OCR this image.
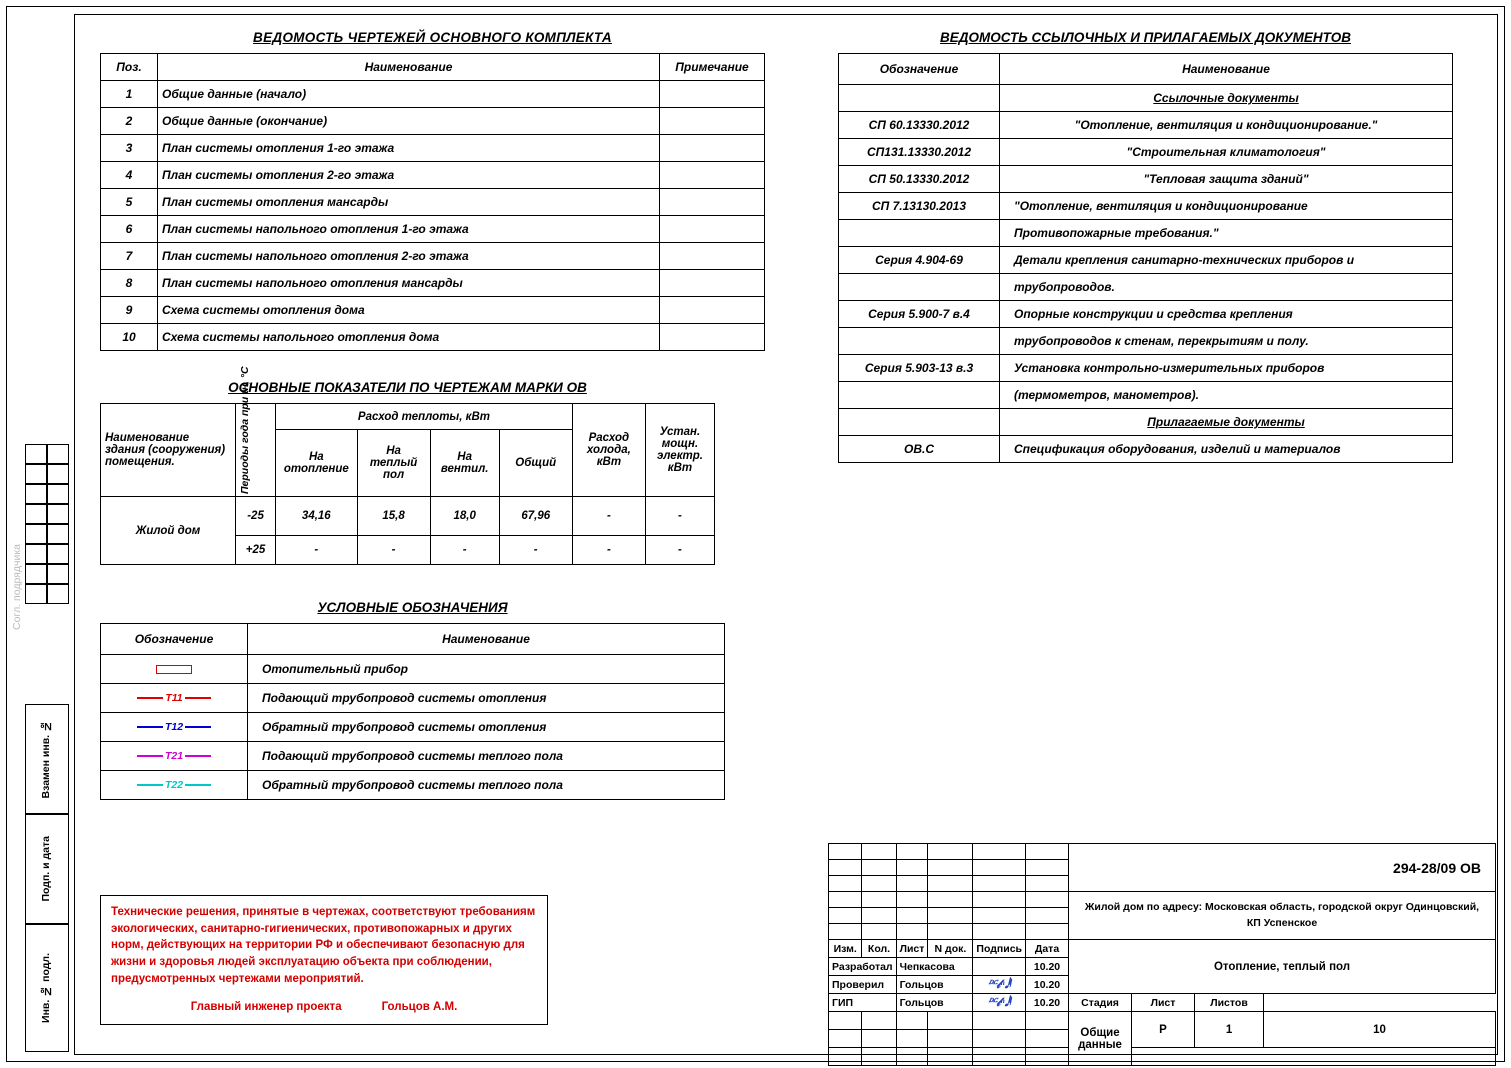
Согл. подрядчика
Взамен инв. №
Подп. и дата
Инв. № подл.
ВЕДОМОСТЬ ЧЕРТЕЖЕЙ ОСНОВНОГО КОМПЛЕКТА
Поз.	Наименование	Примечание
1	Общие данные (начало)	
2	Общие данные (окончание)	
3	План системы отопления 1-го этажа	
4	План системы отопления 2-го этажа	
5	План системы отопления мансарды	
6	План системы напольного отопления 1-го этажа	
7	План системы напольного отопления 2-го этажа	
8	План системы напольного отопления мансарды	
9	Схема системы отопления дома	
10	Схема системы напольного отопления дома	
ОСНОВНЫЕ ПОКАЗАТЕЛИ ПО ЧЕРТЕЖАМ МАРКИ ОВ
Наименование здания (сооружения) помещения.	Периоды года при tн, °С	Расход теплоты, кВт				Расход холода, кВт	Устан. мощн. электр. кВт
		На отопление	На теплый пол	На вентил.	Общий		
Жилой дом	-25	34,16	15,8	18,0	67,96	-	-
	+25	-	-	-	-	-	-
УСЛОВНЫЕ ОБОЗНАЧЕНИЯ
Обозначение	Наименование

	Отопительный прибор

Т11	Подающий трубопровод системы отопления

Т12	Обратный трубопровод системы отопления

Т21	Подающий трубопровод системы теплого пола

Т22	Обратный трубопровод системы теплого пола
ВЕДОМОСТЬ ССЫЛОЧНЫХ И ПРИЛАГАЕМЫХ ДОКУМЕНТОВ
Обозначение	Наименование
	Ссылочные документы
СП 60.13330.2012	"Отопление, вентиляция и кондиционирование."
СП131.13330.2012	"Строительная климатология"
СП 50.13330.2012	"Тепловая защита зданий"
СП 7.13130.2013	"Отопление, вентиляция и кондиционирование
	Противопожарные требования."
Серия 4.904-69	Детали крепления санитарно-технических приборов и
	трубопроводов.
Серия 5.900-7 в.4	Опорные конструкции и средства крепления
	трубопроводов к стенам, перекрытиям и полу.
Серия 5.903-13 в.3	Установка контрольно-измерительных приборов
	(термометров, манометров).
	Прилагаемые документы
ОВ.С	Спецификация оборудования, изделий и материалов
Технические решения, принятые в чертежах, соответствуют требованиям экологических, санитарно-гигиенических, противопожарных и других норм, действующих на территории РФ и обеспечивают безопасную для жизни и здоровья людей эксплуатацию объекта при соблюдении, предусмотренных чертежами мероприятий.
Главный инженер проекта	Гольцов А.М.
						294-28/09 ОВ			

						Жилой дом по адресу: Московская область, городской округ Одинцовский, КП Успенское			

Изм.	Кол.	Лист	N док.	Подпись	Дата	Отопление, теплый пол			
Разработал		Чепкасова			10.20				
Проверил		Гольцов		𝄊𝓁ⁿ𝅘𝅥𝅲	10.20				
ГИП		Гольцов		𝄊𝓁ⁿ𝅘𝅥𝅲	10.20	Стадия	Лист	Листов	
						Общие данные	Р	1	10
